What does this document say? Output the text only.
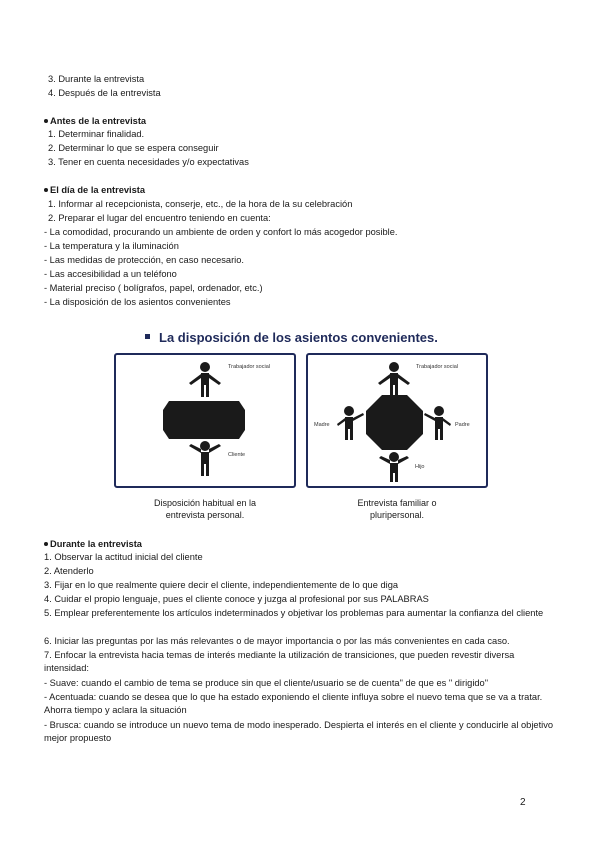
3. Durante la entrevista
4. Después de la entrevista
Antes de la entrevista
1. Determinar finalidad.
2. Determinar lo que se espera conseguir
3. Tener en cuenta necesidades y/o expectativas
El día de la entrevista
1. Informar al recepcionista, conserje, etc., de la hora de la su celebración
2. Preparar el lugar del encuentro teniendo en cuenta:
- La comodidad, procurando un ambiente de orden y confort lo más acogedor posible.
- La temperatura y la iluminación
- Las medidas de protección, en caso necesario.
- Las accesibilidad a un teléfono
- Material preciso ( bolígrafos, papel, ordenador, etc.)
- La disposición de los asientos convenientes
La disposición de los asientos convenientes.
Trabajador social
Cliente
Disposición habitual en la
entrevista personal.
Trabajador social
Madre	Padre
Hijo
Entrevista familiar o
pluripersonal.
Durante la entrevista
1. Observar la actitud inicial del cliente
2. Atenderlo
3. Fijar en lo que realmente quiere decir el cliente, independientemente de lo que diga
4. Cuidar el propio lenguaje, pues el cliente conoce y juzga al profesional por sus PALABRAS
5. Emplear preferentemente los artículos indeterminados y objetivar los problemas para aumentar la confianza del cliente
6. Iniciar las preguntas por las más relevantes o de mayor importancia o por las más convenientes en cada caso.
7. Enfocar la entrevista hacia temas de interés mediante la utilización de transiciones, que pueden revestir diversa intensidad:
- Suave: cuando el cambio de tema se produce sin que el cliente/usuario se de cuenta" de que es " dirigido"
- Acentuada: cuando se desea que lo que ha estado exponiendo el cliente influya sobre el nuevo tema que se va a tratar. Ahorra tiempo y aclara la situación
- Brusca: cuando se introduce un nuevo tema de modo inesperado. Despierta el interés en el cliente y conducirle al objetivo mejor propuesto
2
